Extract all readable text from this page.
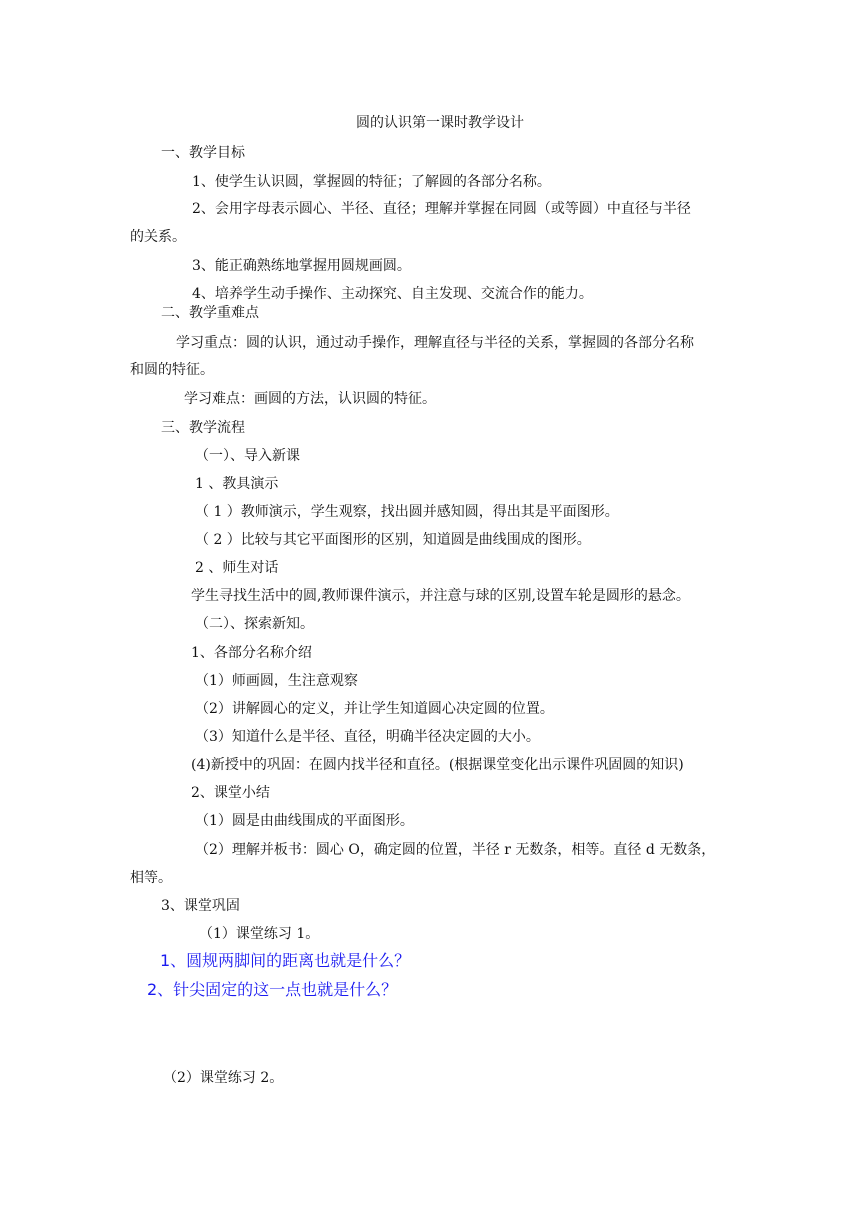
圆的认识第一课时教学设计
一、教学目标
1、使学生认识圆，掌握圆的特征；了解圆的各部分名称。
2、会用字母表示圆心、半径、直径；理解并掌握在同圆（或等圆）中直径与半径
的关系。
3、能正确熟练地掌握用圆规画圆。
4、培养学生动手操作、主动探究、自主发现、交流合作的能力。
二、教学重难点
学习重点：圆的认识，通过动手操作，理解直径与半径的关系，掌握圆的各部分名称
和圆的特征。
学习难点：画圆的方法，认识圆的特征。
三、教学流程
（一）、导入新课
1 、教具演示
（ 1 ）教师演示，学生观察，找出圆并感知圆，得出其是平面图形。
（ 2 ）比较与其它平面图形的区别，知道圆是曲线围成的图形。
2 、师生对话
学生寻找生活中的圆,教师课件演示，并注意与球的区别,设置车轮是圆形的悬念。
（二）、探索新知。
1、各部分名称介绍
（1）师画圆，生注意观察
（2）讲解圆心的定义，并让学生知道圆心决定圆的位置。
（3）知道什么是半径、直径，明确半径决定圆的大小。
(4)新授中的巩固：在圆内找半径和直径。(根据课堂变化出示课件巩固圆的知识)
2、课堂小结
（1）圆是由曲线围成的平面图形。
（2）理解并板书：圆心 O，确定圆的位置，半径 r 无数条，相等。直径 d 无数条，
相等。
3、课堂巩固
（1）课堂练习 1。
1、圆规两脚间的距离也就是什么？
2、针尖固定的这一点也就是什么？
（2）课堂练习 2。
